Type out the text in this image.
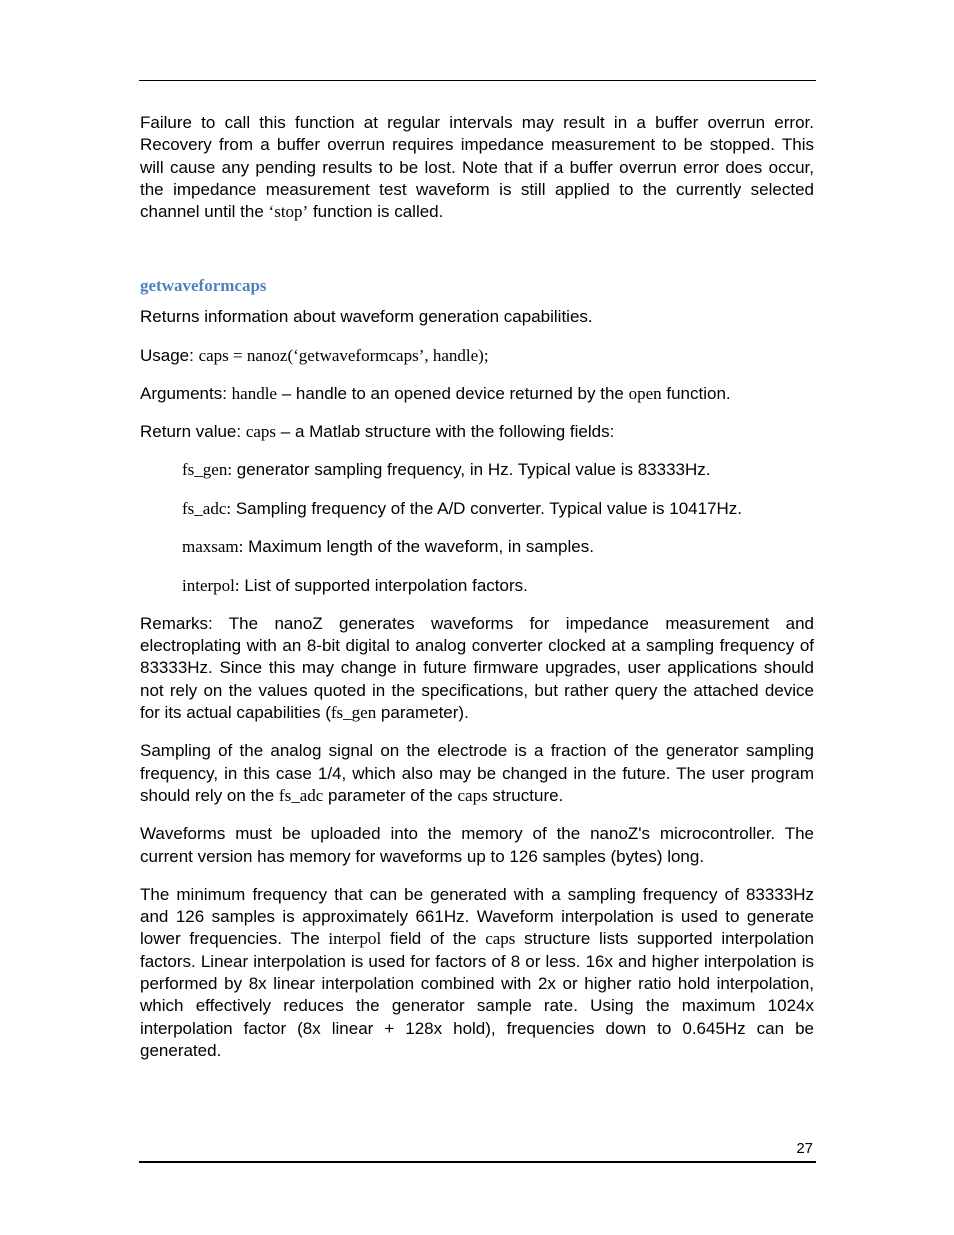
Failure to call this function at regular intervals may result in a buffer overrun error. Recovery from a buffer overrun requires impedance measurement to be stopped. This will cause any pending results to be lost. Note that if a buffer overrun error does occur, the impedance measurement test waveform is still applied to the currently selected channel until the ‘stop’ function is called.

getwaveformcaps

Returns information about waveform generation capabilities.

Usage: caps = nanoz(‘getwaveformcaps’, handle);

Arguments: handle – handle to an opened device returned by the open function.

Return value: caps – a Matlab structure with the following fields:

fs_gen: generator sampling frequency, in Hz. Typical value is 83333Hz.

fs_adc: Sampling frequency of the A/D converter. Typical value is 10417Hz.

maxsam: Maximum length of the waveform, in samples.

interpol: List of supported interpolation factors.

Remarks: The nanoZ generates waveforms for impedance measurement and electroplating with an 8-bit digital to analog converter clocked at a sampling frequency of 83333Hz. Since this may change in future firmware upgrades, user applications should not rely on the values quoted in the specifications, but rather query the attached device for its actual capabilities (fs_gen parameter).

Sampling of the analog signal on the electrode is a fraction of the generator sampling frequency, in this case 1/4, which also may be changed in the future. The user program should rely on the fs_adc parameter of the caps structure.

Waveforms must be uploaded into the memory of the nanoZ's microcontroller. The current version has memory for waveforms up to 126 samples (bytes) long.

The minimum frequency that can be generated with a sampling frequency of 83333Hz and 126 samples is approximately 661Hz. Waveform interpolation is used to generate lower frequencies. The interpol field of the caps structure lists supported interpolation factors. Linear interpolation is used for factors of 8 or less. 16x and higher interpolation is performed by 8x linear interpolation combined with 2x or higher ratio hold interpolation, which effectively reduces the generator sample rate. Using the maximum 1024x interpolation factor (8x linear + 128x hold), frequencies down to 0.645Hz can be generated.

27
